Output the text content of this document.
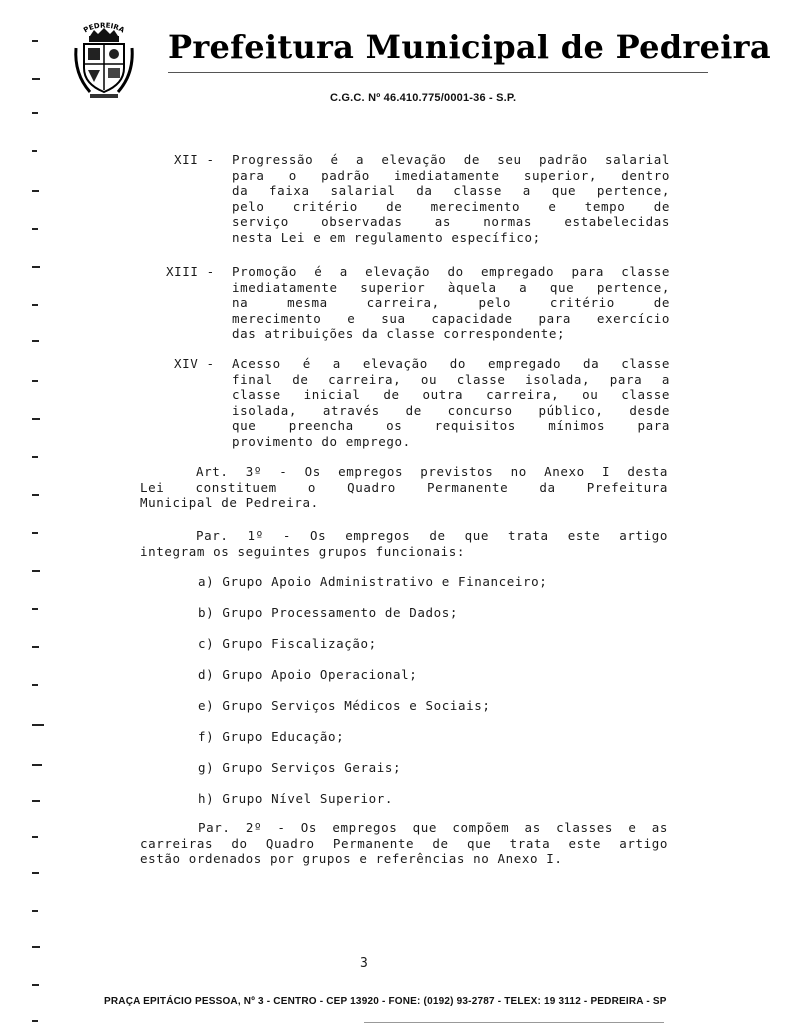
PEDREIRA Prefeitura Municipal de Pedreira
C.G.C. Nº 46.410.775/0001-36 - S.P.
XII - Progressão é a elevação de seu padrão salarial
para o padrão imediatamente superior, dentro
da faixa salarial da classe a que pertence,
pelo critério de merecimento e tempo de
serviço observadas as normas estabelecidas
nesta Lei e em regulamento específico;
XIII - Promoção é a elevação do empregado para classe
imediatamente superior àquela a que pertence,
na mesma carreira, pelo critério de
merecimento e sua capacidade para exercício
das atribuições da classe correspondente;
XIV - Acesso é a elevação do empregado da classe
final de carreira, ou classe isolada, para a
classe inicial de outra carreira, ou classe
isolada, através de concurso público, desde
que preencha os requisitos mínimos para
provimento do emprego.
Art. 3º - Os empregos previstos no Anexo I desta
Lei constituem o Quadro Permanente da Prefeitura
Municipal de Pedreira.
Par. 1º - Os empregos de que trata este artigo
integram os seguintes grupos funcionais:
a) Grupo Apoio Administrativo e Financeiro;
b) Grupo Processamento de Dados;
c) Grupo Fiscalização;
d) Grupo Apoio Operacional;
e) Grupo Serviços Médicos e Sociais;
f) Grupo Educação;
g) Grupo Serviços Gerais;
h) Grupo Nível Superior.
Par. 2º - Os empregos que compõem as classes e as
carreiras do Quadro Permanente de que trata este artigo
estão ordenados por grupos e referências no Anexo I.
3
PRAÇA EPITÁCIO PESSOA, Nº 3 - CENTRO - CEP 13920 - FONE: (0192) 93-2787 - TELEX: 19 3112 - PEDREIRA - SP
